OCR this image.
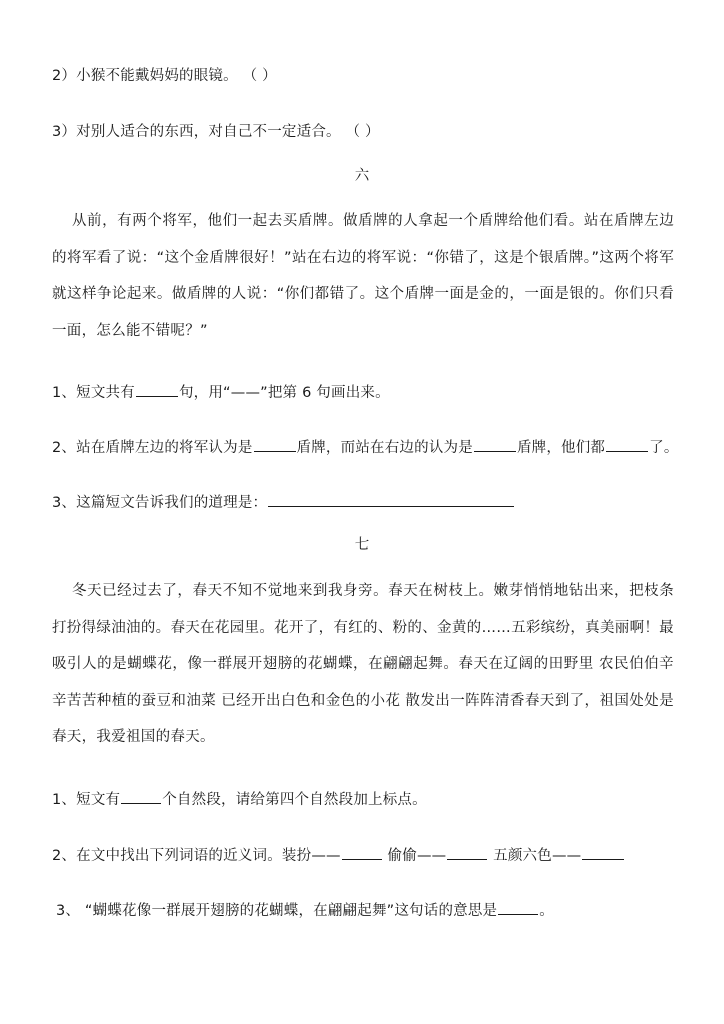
2）小猴不能戴妈妈的眼镜。 （ ）
3）对别人适合的东西，对自己不一定适合。 （ ）
六
从前，有两个将军，他们一起去买盾牌。做盾牌的人拿起一个盾牌给他们看。站在盾牌左边的将军看了说：“这个金盾牌很好！”站在右边的将军说：“你错了，这是个银盾牌。”这两个将军就这样争论起来。做盾牌的人说：“你们都错了。这个盾牌一面是金的，一面是银的。你们只看一面，怎么能不错呢？”
1、短文共有	句，用“——”把第 6 句画出来。
2、站在盾牌左边的将军认为是	盾牌，而站在右边的认为是	盾牌，他们都	了。
3、这篇短文告诉我们的道理是：
七
冬天已经过去了，春天不知不觉地来到我身旁。春天在树枝上。嫩芽悄悄地钻出来，把枝条打扮得绿油油的。春天在花园里。花开了，有红的、粉的、金黄的……五彩缤纷，真美丽啊！最吸引人的是蝴蝶花，像一群展开翅膀的花蝴蝶，在翩翩起舞。春天在辽阔的田野里 农民伯伯辛辛苦苦种植的蚕豆和油菜 已经开出白色和金色的小花 散发出一阵阵清香春天到了，祖国处处是春天，我爱祖国的春天。
1、短文有	个自然段，请给第四个自然段加上标点。
2、在文中找出下列词语的近义词。装扮——	偷偷——	五颜六色——
3、 “蝴蝶花像一群展开翅膀的花蝴蝶，在翩翩起舞”这句话的意思是	。
